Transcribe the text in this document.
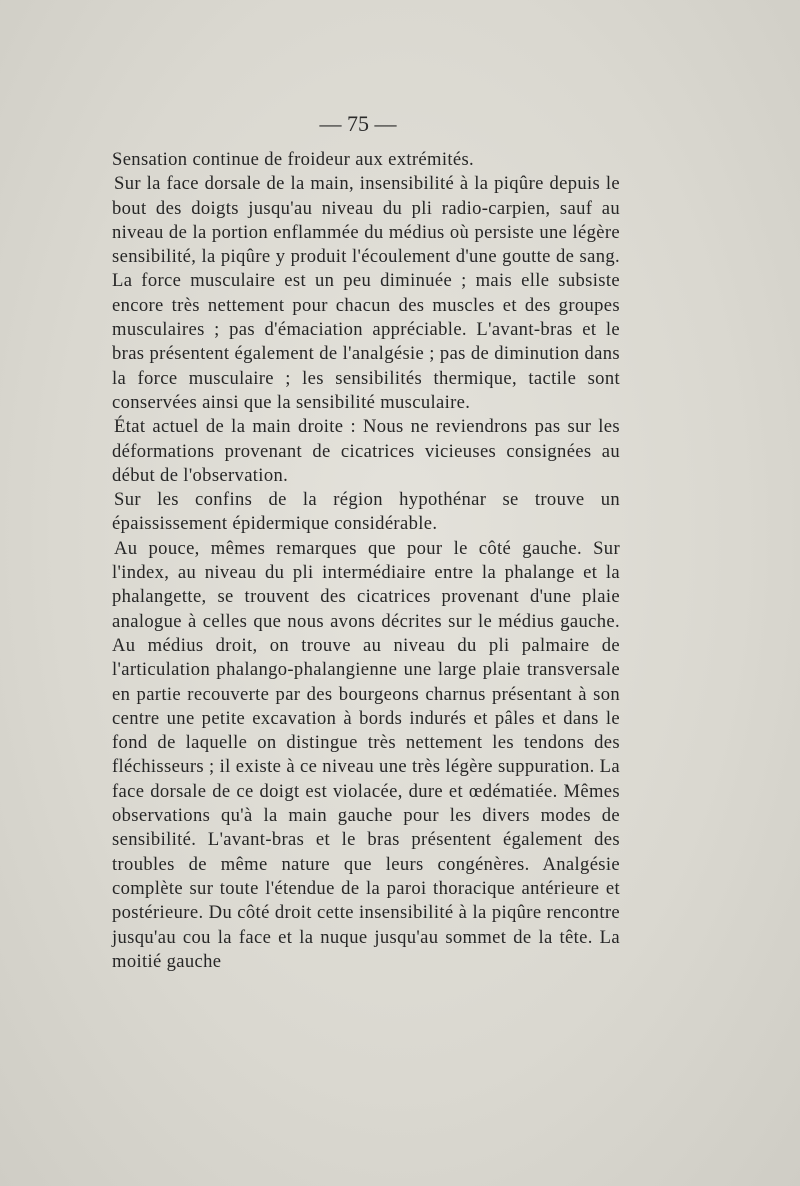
— 75 —

Sensation continue de froideur aux extrémités.

Sur la face dorsale de la main, insensibilité à la piqûre depuis le bout des doigts jusqu'au niveau du pli radio-carpien, sauf au niveau de la portion enflammée du médius où persiste une légère sensibilité, la piqûre y produit l'écoulement d'une goutte de sang. La force musculaire est un peu diminuée ; mais elle subsiste encore très nettement pour chacun des muscles et des groupes musculaires ; pas d'émaciation appréciable. L'avant-bras et le bras présentent également de l'analgésie ; pas de diminution dans la force musculaire ; les sensibilités thermique, tactile sont conservées ainsi que la sensibilité musculaire.

État actuel de la main droite : Nous ne reviendrons pas sur les déformations provenant de cicatrices vicieuses consignées au début de l'observation.

Sur les confins de la région hypothénar se trouve un épaississement épidermique considérable.

Au pouce, mêmes remarques que pour le côté gauche. Sur l'index, au niveau du pli intermédiaire entre la phalange et la phalangette, se trouvent des cicatrices provenant d'une plaie analogue à celles que nous avons décrites sur le médius gauche. Au médius droit, on trouve au niveau du pli palmaire de l'articulation phalango-phalangienne une large plaie transversale en partie recouverte par des bourgeons charnus présentant à son centre une petite excavation à bords indurés et pâles et dans le fond de laquelle on distingue très nettement les tendons des fléchisseurs ; il existe à ce niveau une très légère suppuration. La face dorsale de ce doigt est violacée, dure et œdématiée. Mêmes observations qu'à la main gauche pour les divers modes de sensibilité. L'avant-bras et le bras présentent également des troubles de même nature que leurs congénères. Analgésie complète sur toute l'étendue de la paroi thoracique antérieure et postérieure. Du côté droit cette insensibilité à la piqûre rencontre jusqu'au cou la face et la nuque jusqu'au sommet de la tête. La moitié gauche
